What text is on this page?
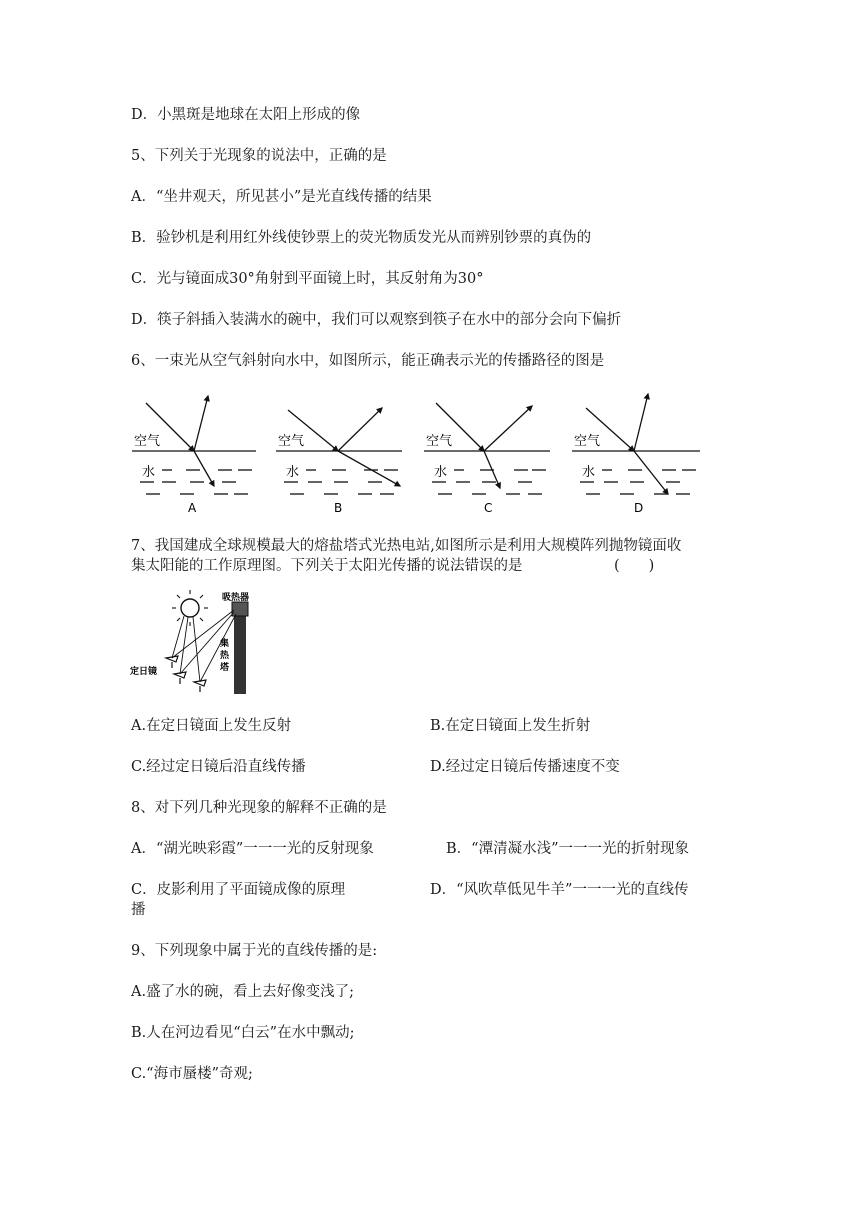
D．小黑斑是地球在太阳上形成的像
5、下列关于光现象的说法中，正确的是
A．“坐井观天，所见甚小”是光直线传播的结果
B．验钞机是利用红外线使钞票上的荧光物质发光从而辨别钞票的真伪的
C．光与镜面成30°角射到平面镜上时，其反射角为30°
D．筷子斜插入装满水的碗中，我们可以观察到筷子在水中的部分会向下偏折
6、一束光从空气斜射向水中，如图所示，能正确表示光的传播路径的图是
空气
水
A
空气
水
B
空气
水
C
空气
水
D
7、我国建成全球规模最大的熔盐塔式光热电站,如图所示是利用大规模阵列抛物镜面收
集太阳能的工作原理图。下列关于太阳光传播的说法错误的是	(　　)
吸热器
集
热
塔
定日镜
A.在定日镜面上发生反射	B.在定日镜面上发生折射
C.经过定日镜后沿直线传播	D.经过定日镜后传播速度不变
8、对下列几种光现象的解释不正确的是
A．“湖光映彩霞”一一一光的反射现象	B．“潭清凝水浅”一一一光的折射现象
C．皮影利用了平面镜成像的原理	D．“风吹草低见牛羊”一一一光的直线传
播
9、下列现象中属于光的直线传播的是:
A.盛了水的碗，看上去好像变浅了;
B.人在河边看见“白云”在水中飘动;
C.“海市蜃楼”奇观;
